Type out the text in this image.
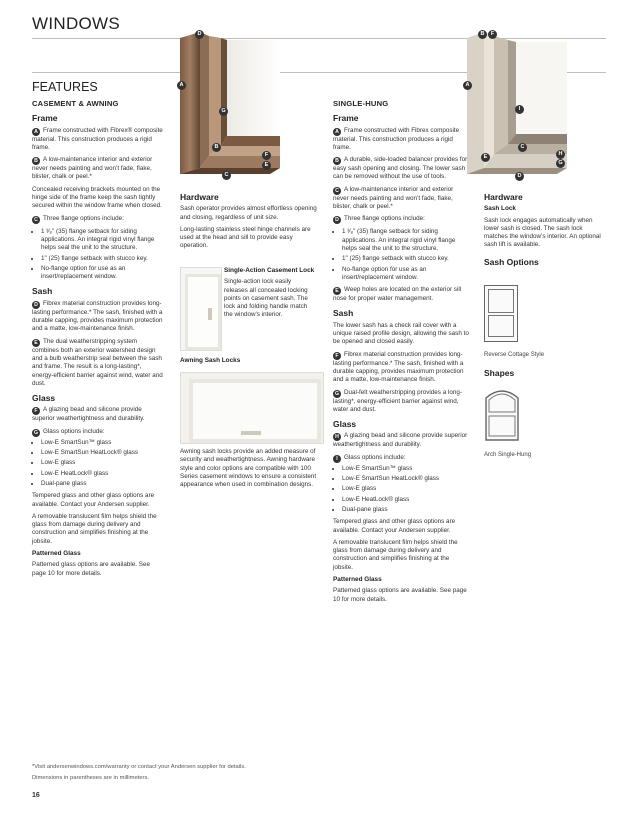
WINDOWS
FEATURES
D
A
G
B
F
E
C
B	F
A
I
C
E	H
G
D
CASEMENT & AWNING
Frame

A Frame constructed with Fibrex® composite material. This construction produces a rigid frame.

B A low-maintenance interior and exterior never needs painting and won’t fade, flake, blister, chalk or peel.*

Concealed receiving brackets mounted on the hinge side of the frame keep the sash tightly secured within the window frame when closed.

C Three flange options include:

• 1 ³⁄₈" (35) flange setback for siding applications. An integral rigid vinyl flange helps seal the unit to the structure.
• 1" (25) flange setback with stucco key.
• No-flange option for use as an insert/replacement window.
Sash

D Fibrex material construction provides long-lasting performance.* The sash, finished with a durable capping, provides maximum protection and a matte, low-maintenance finish.

E The dual weatherstripping system combines both an exterior watershed design and a bulb weatherstrip seal between the sash and frame. The result is a long-lasting*, energy-efficient barrier against wind, water and dust.

Glass

F A glazing bead and silicone provide superior weathertightness and durability.

G Glass options include:

• Low-E SmartSun™ glass
• Low-E SmartSun HeatLock® glass
• Low-E glass
• Low-E HeatLock® glass
• Dual-pane glass

Tempered glass and other glass options are available. Contact your Andersen supplier.

A removable translucent film helps shield the glass from damage during delivery and construction and simplifies finishing at the jobsite.

Patterned Glass

Patterned glass options are available. See page 10 for more details.

Hardware

Sash operator provides almost effortless opening and closing, regardless of unit size.

Long-lasting stainless steel hinge channels are used at the head and sill to provide easy operation.

Single-Action Casement Lock

Single-action lock easily releases all concealed locking points on casement sash. The lock and folding handle match the window’s interior.

Awning Sash Locks

Awning sash locks provide an added measure of security and weathertightness. Awning hardware style and color options are compatible with 100 Series casement windows to ensure a consistent appearance when used in combination designs.

SINGLE-HUNG
Frame

A Frame constructed with Fibrex composite material. This construction produces a rigid frame.

B A durable, side-loaded balancer provides for easy sash opening and closing. The lower sash can be removed without the use of tools.

C A low-maintenance interior and exterior never needs painting and won’t fade, flake, blister, chalk or peel.*

D Three flange options include:

• 1 ³⁄₈" (35) flange setback for siding applications. An integral rigid vinyl flange helps seal the unit to the structure.
• 1" (25) flange setback with stucco key.
• No-flange option for use as an insert/replacement window.

E Weep holes are located on the exterior sill nose for proper water management.

Sash

The lower sash has a check rail cover with a unique raised profile design, allowing the sash to be opened and closed easily.

F Fibrex material construction provides long-lasting performance.* The sash, finished with a durable capping, provides maximum protection and a matte, low-maintenance finish.

G Dual-felt weatherstripping provides a long-lasting*, energy-efficient barrier against wind, water and dust.

Glass

H A glazing bead and silicone provide superior weathertightness and durability.

I Glass options include:

• Low-E SmartSun™ glass
• Low-E SmartSun HeatLock® glass
• Low-E glass
• Low-E HeatLock® glass
• Dual-pane glass

Tempered glass and other glass options are available. Contact your Andersen supplier.

A removable translucent film helps shield the glass from damage during delivery and construction and simplifies finishing at the jobsite.

Patterned Glass

Patterned glass options are available. See page 10 for more details.

Hardware
Sash Lock

Sash lock engages automatically when lower sash is closed. The sash lock matches the window’s interior. An optional sash lift is available.

Sash Options
Reverse Cottage Style
Shapes
Arch Single-Hung
*Visit andersenwindows.com/warranty or contact your Andersen supplier for details.
Dimensions in parentheses are in millimeters.
16
